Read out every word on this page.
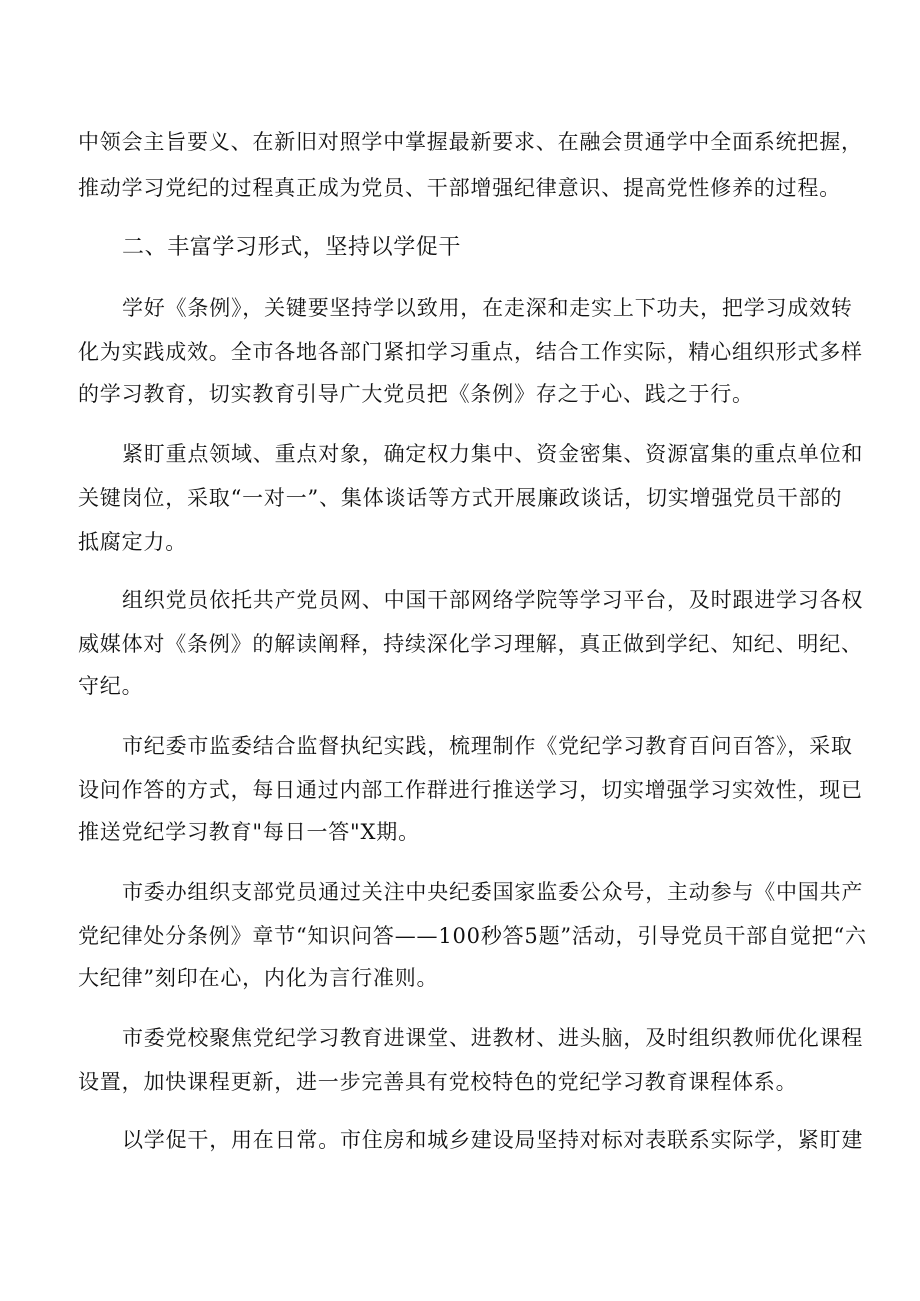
中领会主旨要义、在新旧对照学中掌握最新要求、在融会贯通学中全面系统把握，
推动学习党纪的过程真正成为党员、干部增强纪律意识、提高党性修养的过程。
二、丰富学习形式，坚持以学促干
学好《条例》，关键要坚持学以致用，在走深和走实上下功夫，把学习成效转
化为实践成效。全市各地各部门紧扣学习重点，结合工作实际，精心组织形式多样
的学习教育，切实教育引导广大党员把《条例》存之于心、践之于行。
紧盯重点领域、重点对象，确定权力集中、资金密集、资源富集的重点单位和
关键岗位，采取“一对一”、集体谈话等方式开展廉政谈话，切实增强党员干部的
抵腐定力。
组织党员依托共产党员网、中国干部网络学院等学习平台，及时跟进学习各权
威媒体对《条例》的解读阐释，持续深化学习理解，真正做到学纪、知纪、明纪、
守纪。
市纪委市监委结合监督执纪实践，梳理制作《党纪学习教育百问百答》，采取
设问作答的方式，每日通过内部工作群进行推送学习，切实增强学习实效性，现已
推送党纪学习教育"每日一答"X期。
市委办组织支部党员通过关注中央纪委国家监委公众号，主动参与《中国共产
党纪律处分条例》章节“知识问答——100秒答5题”活动，引导党员干部自觉把“六
大纪律”刻印在心，内化为言行准则。
市委党校聚焦党纪学习教育进课堂、进教材、进头脑，及时组织教师优化课程
设置，加快课程更新，进一步完善具有党校特色的党纪学习教育课程体系。
以学促干，用在日常。市住房和城乡建设局坚持对标对表联系实际学，紧盯建
